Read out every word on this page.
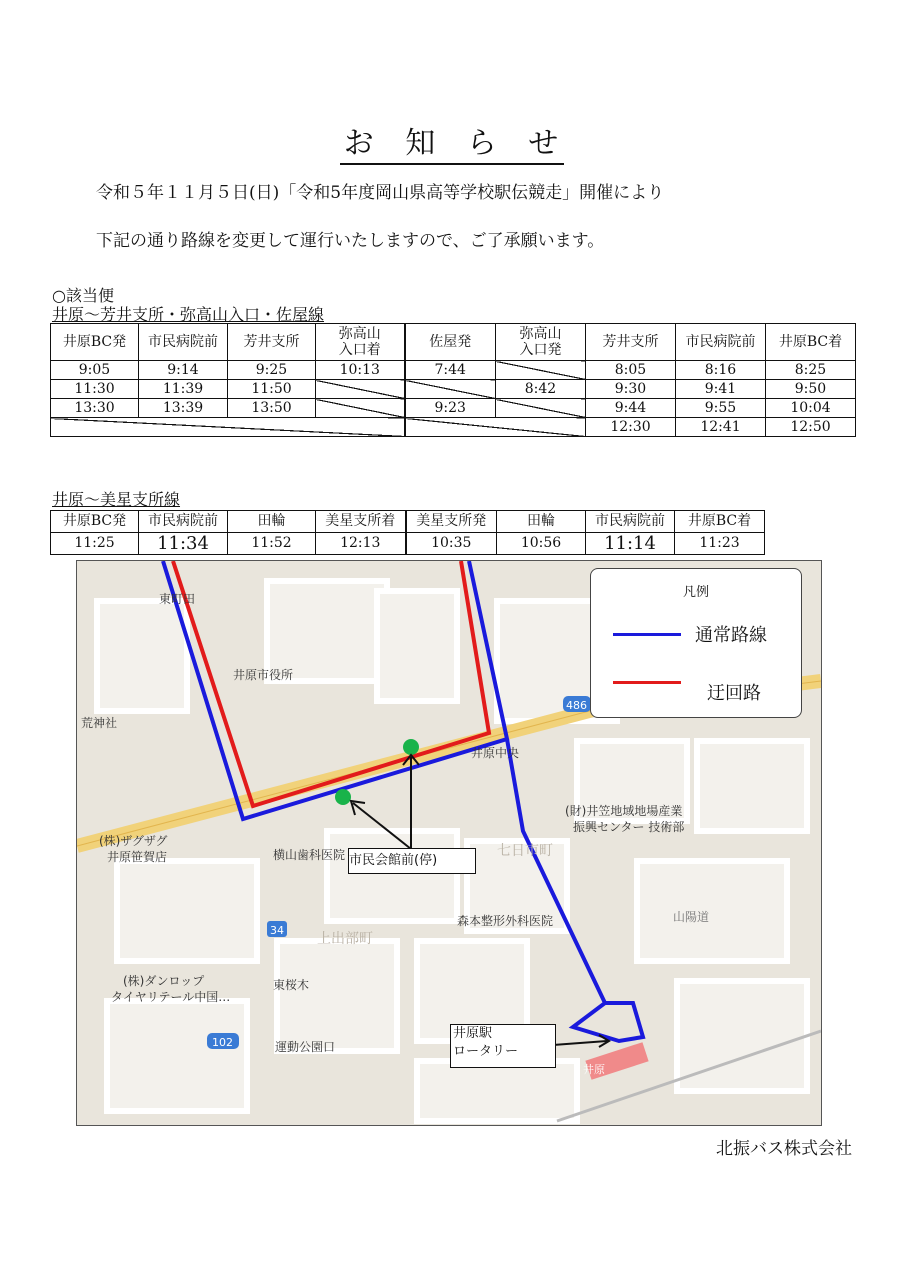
お 知 ら せ
令和５年１１月５日(日)「令和5年度岡山県高等学校駅伝競走」開催により
下記の通り路線を変更して運行いたしますので、ご了承願います。
○該当便
井原～芳井支所・弥高山入口・佐屋線
井原BC発	市民病院前	芳井支所	弥高山
入口着	佐屋発	弥高山
入口発	芳井支所	市民病院前	井原BC着
9:05	9:14	9:25	10:13	7:44		8:05	8:16	8:25
11:30	11:39	11:50			8:42	9:30	9:41	9:50
13:30	13:39	13:50		9:23		9:44	9:55	10:04
						12:30	12:41	12:50
井原～美星支所線
井原BC発	市民病院前	田輪	美星支所着	美星支所発	田輪	市民病院前	井原BC着
11:25	11:34	11:52	12:13	10:35	10:56	11:14	11:23
34
102
486
東町田
井原市役所
荒神社
(株)ザグザグ
井原笹賀店	横山歯科医院
井原中央
(財)井笠地域地場産業
振興センター 技術部
七日市町
山陽道
上出部町
森本整形外科医院
(株)ダンロップ
タイヤリテール中国…
東桜木
運動公園口
井原
凡例
通常路線
迂回路
市民会館前(停)
井原駅
ロータリー
北振バス株式会社
